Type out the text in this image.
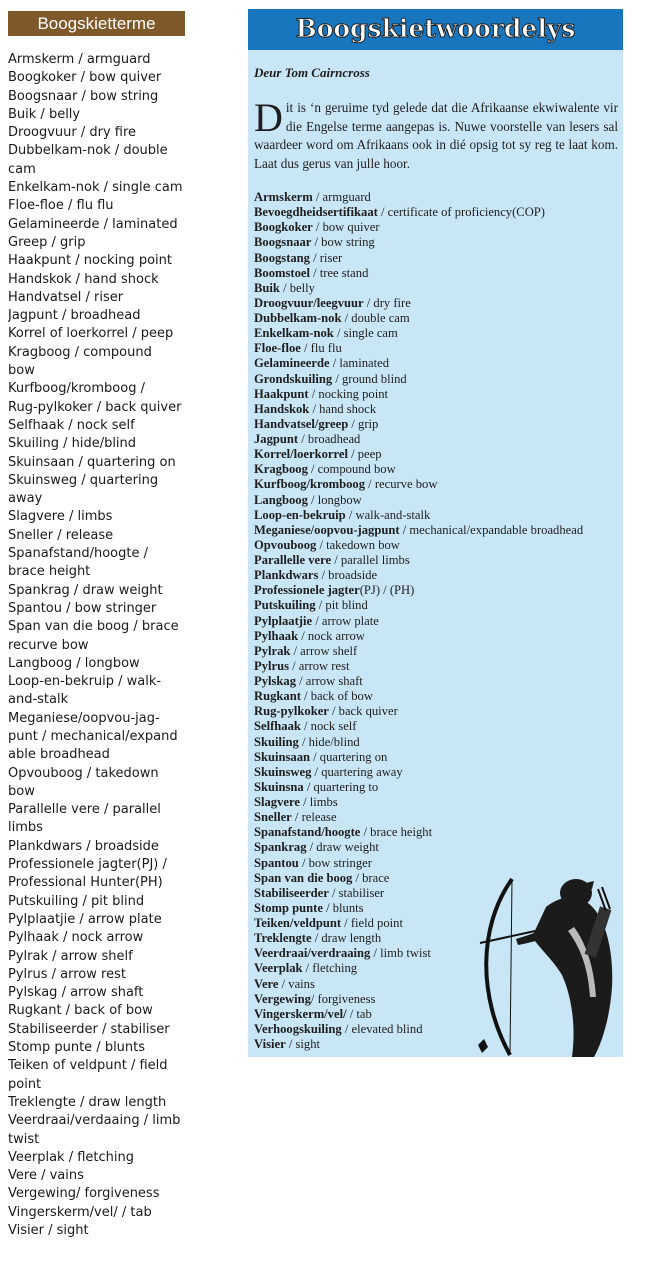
Boogskietterme
Armskerm / armguard
Boogkoker / bow quiver
Boogsnaar / bow string
Buik / belly
Droogvuur / dry fire
Dubbelkam-nok / double
cam
Enkelkam-nok / single cam
Floe-floe / flu flu
Gelamineerde / laminated
Greep / grip
Haakpunt / nocking point
Handskok / hand shock
Handvatsel / riser
Jagpunt / broadhead
Korrel of loerkorrel / peep
Kragboog / compound
bow
Kurfboog/kromboog /
Rug-pylkoker / back quiver
Selfhaak / nock self
Skuiling / hide/blind
Skuinsaan / quartering on
Skuinsweg / quartering
away
Slagvere / limbs
Sneller / release
Spanafstand/hoogte /
brace height
Spankrag / draw weight
Spantou / bow stringer
Span van die boog / brace
recurve bow
Langboog / longbow
Loop-en-bekruip / walk-
and-stalk
Meganiese/oopvou-jag-
punt / mechanical/expand
able broadhead
Opvouboog / takedown
bow
Parallelle vere / parallel
limbs
Plankdwars / broadside
Professionele jagter(PJ) /
Professional Hunter(PH)
Putskuiling / pit blind
Pylplaatjie / arrow plate
Pylhaak / nock arrow
Pylrak / arrow shelf
Pylrus / arrow rest
Pylskag / arrow shaft
Rugkant / back of bow
Stabiliseerder / stabiliser
Stomp punte / blunts
Teiken of veldpunt / field
point
Treklengte / draw length
Veerdraai/verdaaing / limb
twist
Veerplak / fletching
Vere / vains
Vergewing/ forgiveness
Vingerskerm/vel/ / tab
Visier / sight
Boogskietwoordelys
Deur Tom Cairncross

Dit is ‘n geruime tyd gelede dat die Afrikaanse ekwiwalente vir die Engelse terme aangepas is. Nuwe voorstelle van lesers sal waardeer word om Afrikaans ook in dié opsig tot sy reg te laat kom. Laat dus gerus van julle hoor.

Armskerm / armguard
Bevoegdheidsertifikaat / certificate of proficiency(COP)
Boogkoker / bow quiver
Boogsnaar / bow string
Boogstang / riser
Boomstoel / tree stand
Buik / belly
Droogvuur/leegvuur / dry fire
Dubbelkam-nok / double cam
Enkelkam-nok / single cam
Floe-floe / flu flu
Gelamineerde / laminated
Grondskuiling / ground blind
Haakpunt / nocking point
Handskok / hand shock
Handvatsel/greep / grip
Jagpunt / broadhead
Korrel/loerkorrel / peep
Kragboog / compound bow
Kurfboog/kromboog / recurve bow
Langboog / longbow
Loop-en-bekruip / walk-and-stalk
Meganiese/oopvou-jagpunt / mechanical/expandable broadhead
Opvouboog / takedown bow
Parallelle vere / parallel limbs
Plankdwars / broadside
Professionele jagter(PJ) / (PH)
Putskuiling / pit blind
Pylplaatjie / arrow plate
Pylhaak / nock arrow
Pylrak / arrow shelf
Pylrus / arrow rest
Pylskag / arrow shaft
Rugkant / back of bow
Rug-pylkoker / back quiver
Selfhaak / nock self
Skuiling / hide/blind
Skuinsaan / quartering on
Skuinsweg / quartering away
Skuinsna / quartering to
Slagvere / limbs
Sneller / release
Spanafstand/hoogte / brace height
Spankrag / draw weight
Spantou / bow stringer
Span van die boog / brace
Stabiliseerder / stabiliser
Stomp punte / blunts
Teiken/veldpunt / field point
Treklengte / draw length
Veerdraai/verdraaing / limb twist
Veerplak / fletching
Vere / vains
Vergewing/ forgiveness
Vingerskerm/vel/ / tab
Verhoogskuiling / elevated blind
Visier / sight
